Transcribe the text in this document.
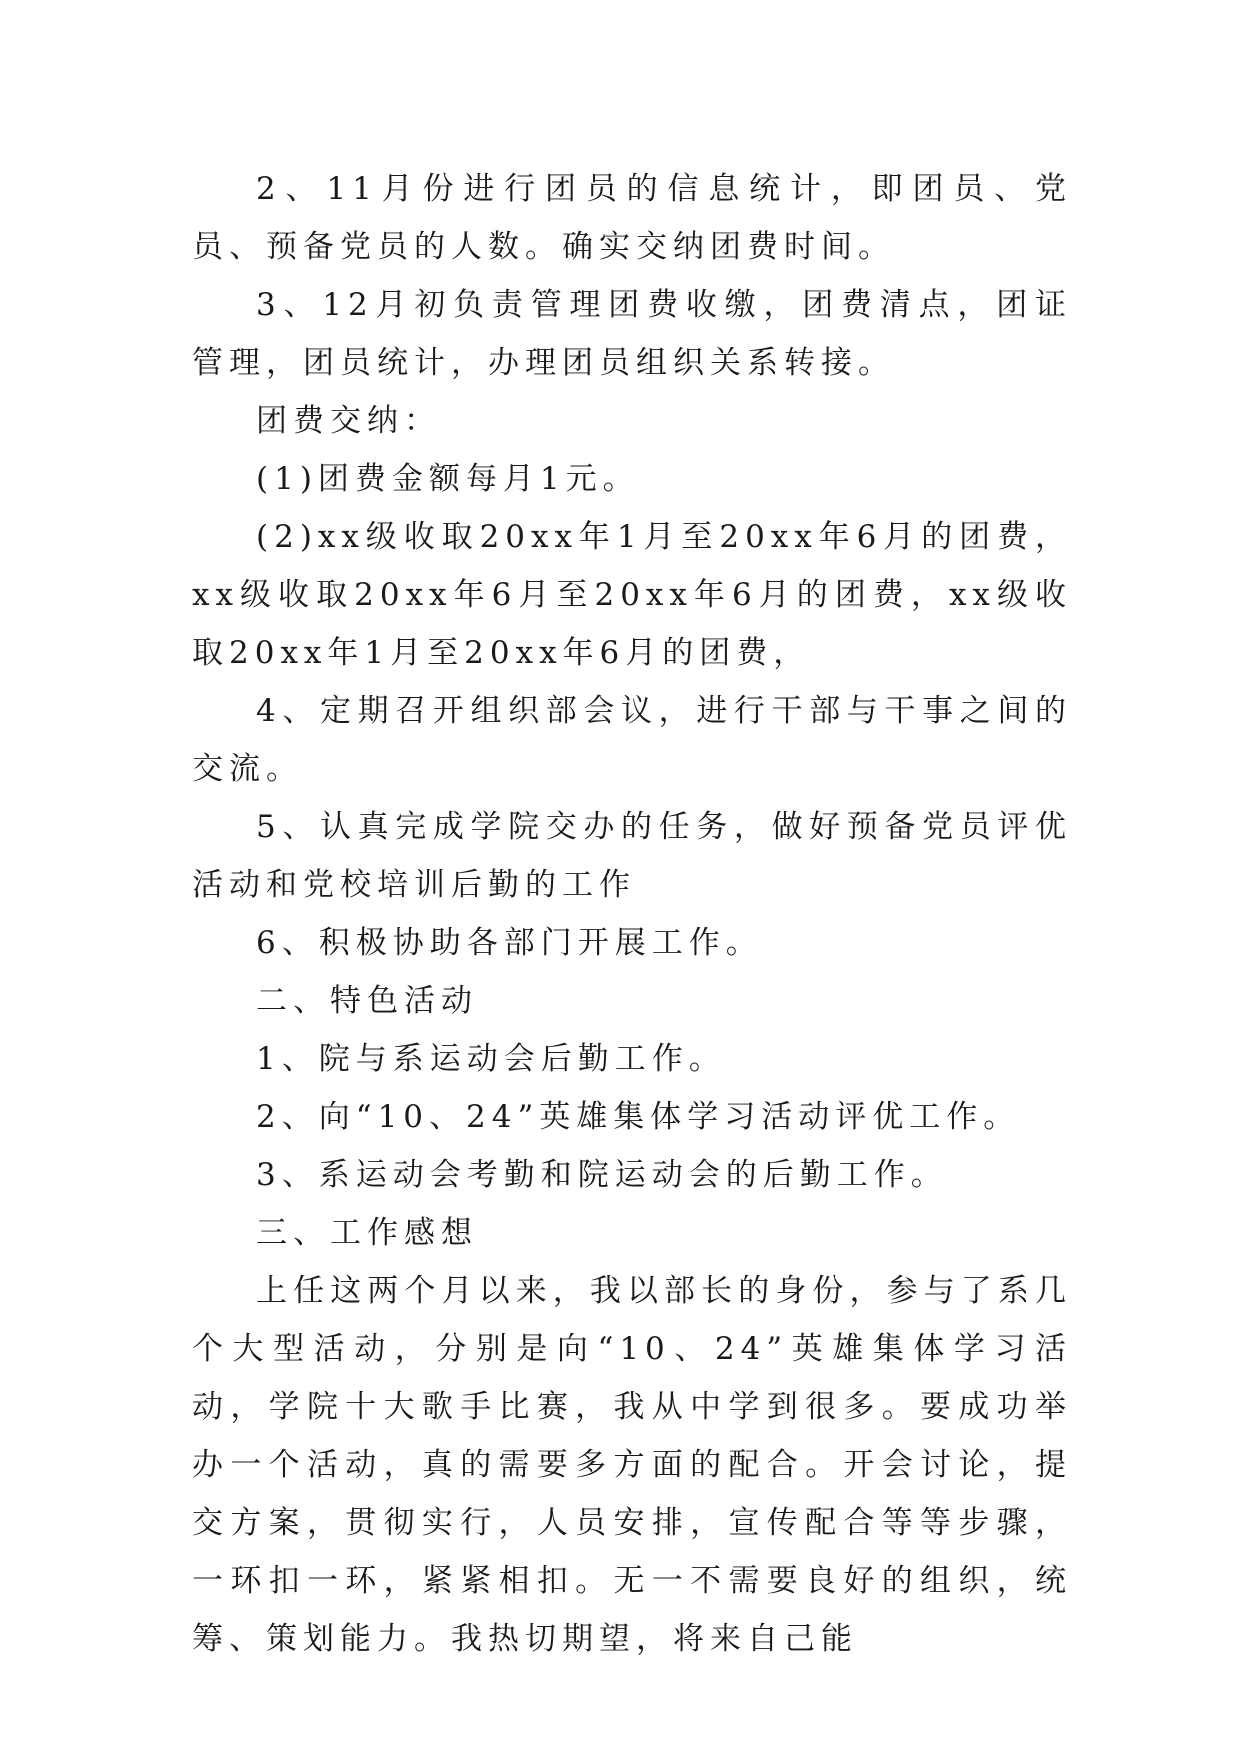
2、11月份进行团员的信息统计，即团员、党员、预备党员的人数。确实交纳团费时间。

3、12月初负责管理团费收缴，团费清点，团证管理，团员统计，办理团员组织关系转接。

团费交纳：

(1)团费金额每月1元。

(2)xx级收取20xx年1月至20xx年6月的团费，xx级收取20xx年6月至20xx年6月的团费，xx级收取20xx年1月至20xx年6月的团费，

4、定期召开组织部会议，进行干部与干事之间的交流。

5、认真完成学院交办的任务，做好预备党员评优活动和党校培训后勤的工作

6、积极协助各部门开展工作。

二、特色活动

1、院与系运动会后勤工作。

2、向“10、24”英雄集体学习活动评优工作。

3、系运动会考勤和院运动会的后勤工作。

三、工作感想

上任这两个月以来，我以部长的身份，参与了系几个大型活动，分别是向“10、24”英雄集体学习活动，学院十大歌手比赛，我从中学到很多。要成功举办一个活动，真的需要多方面的配合。开会讨论，提交方案，贯彻实行，人员安排，宣传配合等等步骤，一环扣一环，紧紧相扣。无一不需要良好的组织，统筹、策划能力。我热切期望，将来自己能
